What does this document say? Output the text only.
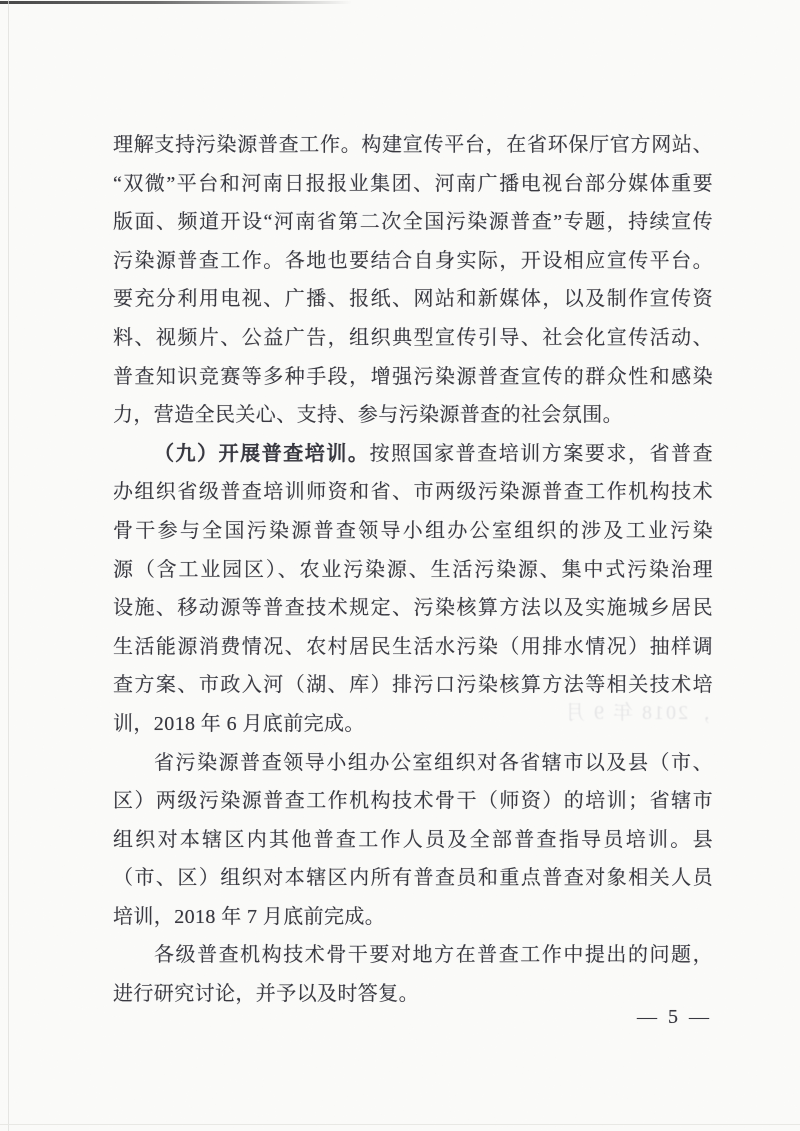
，2018 年 9 月
理解支持污染源普查工作。构建宣传平台，在省环保厅官方网站、
“双微”平台和河南日报报业集团、河南广播电视台部分媒体重要
版面、频道开设“河南省第二次全国污染源普查”专题，持续宣传
污染源普查工作。各地也要结合自身实际，开设相应宣传平台。
要充分利用电视、广播、报纸、网站和新媒体，以及制作宣传资
料、视频片、公益广告，组织典型宣传引导、社会化宣传活动、
普查知识竞赛等多种手段，增强污染源普查宣传的群众性和感染
力，营造全民关心、支持、参与污染源普查的社会氛围。
（九）开展普查培训。按照国家普查培训方案要求，省普查
办组织省级普查培训师资和省、市两级污染源普查工作机构技术
骨干参与全国污染源普查领导小组办公室组织的涉及工业污染
源（含工业园区）、农业污染源、生活污染源、集中式污染治理
设施、移动源等普查技术规定、污染核算方法以及实施城乡居民
生活能源消费情况、农村居民生活水污染（用排水情况）抽样调
查方案、市政入河（湖、库）排污口污染核算方法等相关技术培
训，2018 年 6 月底前完成。
省污染源普查领导小组办公室组织对各省辖市以及县（市、
区）两级污染源普查工作机构技术骨干（师资）的培训；省辖市
组织对本辖区内其他普查工作人员及全部普查指导员培训。县
（市、区）组织对本辖区内所有普查员和重点普查对象相关人员
培训，2018 年 7 月底前完成。
各级普查机构技术骨干要对地方在普查工作中提出的问题，
进行研究讨论，并予以及时答复。
— 5 —
